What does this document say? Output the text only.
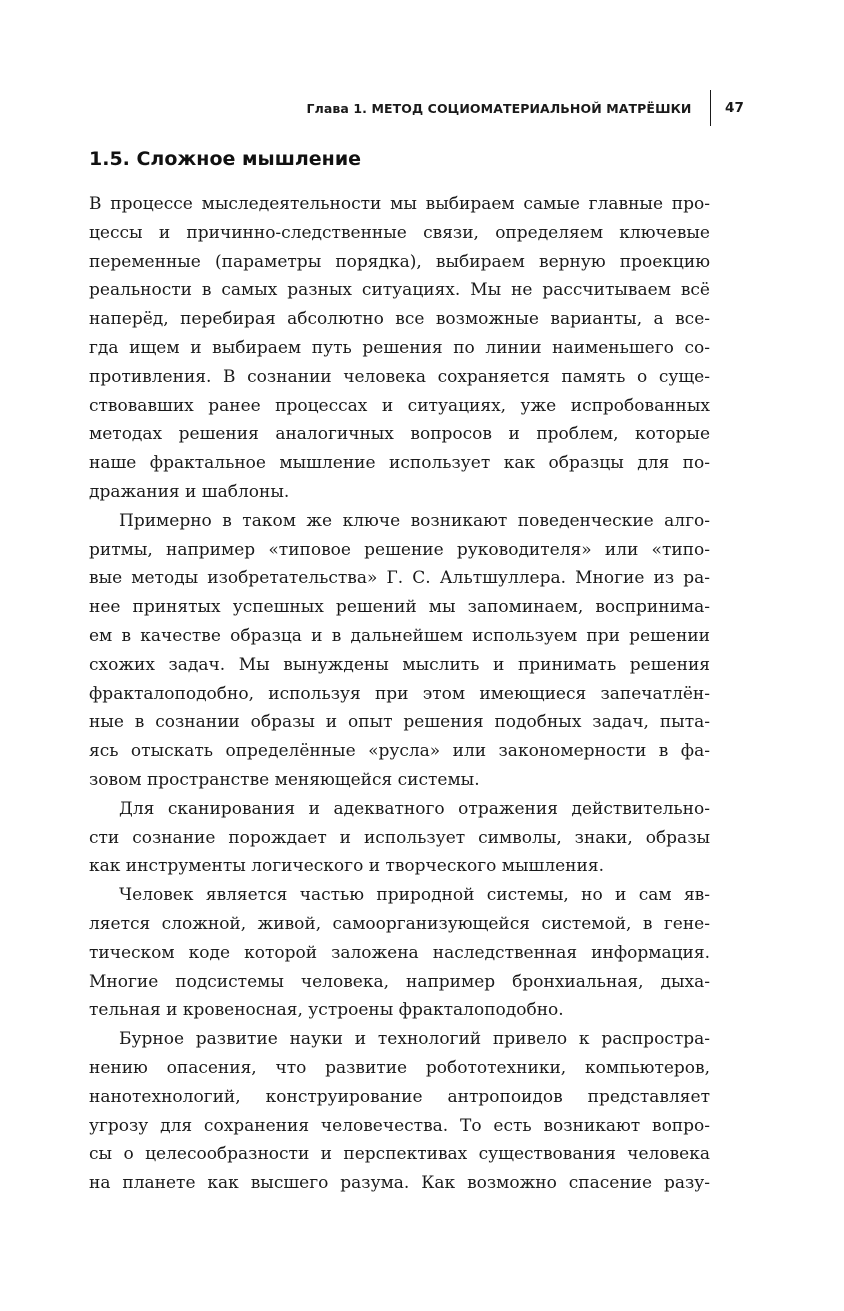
Глава 1. МЕТОД СОЦИОМАТЕРИАЛЬНОЙ МАТРЁШКИ 47
1.5. Сложное мышление
В процессе мыследеятельности мы выбираем самые главные про-
цессы и причинно-следственные связи, определяем ключевые
переменные (параметры порядка), выбираем верную проекцию
реальности в самых разных ситуациях. Мы не рассчитываем всё
наперёд, перебирая абсолютно все возможные варианты, а все-
гда ищем и выбираем путь решения по линии наименьшего со-
противления. В сознании человека сохраняется память о суще-
ствовавших ранее процессах и ситуациях, уже испробованных
методах решения аналогичных вопросов и проблем, которые
наше фрактальное мышление использует как образцы для по-
дражания и шаблоны.
Примерно в таком же ключе возникают поведенческие алго-
ритмы, например «типовое решение руководителя» или «типо-
вые методы изобретательства» Г. С. Альтшуллера. Многие из ра-
нее принятых успешных решений мы запоминаем, воспринима-
ем в качестве образца и в дальнейшем используем при решении
схожих задач. Мы вынуждены мыслить и принимать решения
фракталоподобно, используя при этом имеющиеся запечатлён-
ные в сознании образы и опыт решения подобных задач, пыта-
ясь отыскать определённые «русла» или закономерности в фа-
зовом пространстве меняющейся системы.
Для сканирования и адекватного отражения действительно-
сти сознание порождает и использует символы, знаки, образы
как инструменты логического и творческого мышления.
Человек является частью природной системы, но и сам яв-
ляется сложной, живой, самоорганизующейся системой, в гене-
тическом коде которой заложена наследственная информация.
Многие подсистемы человека, например бронхиальная, дыха-
тельная и кровеносная, устроены фракталоподобно.
Бурное развитие науки и технологий привело к распростра-
нению опасения, что развитие робототехники, компьютеров,
нанотехнологий, конструирование антропоидов представляет
угрозу для сохранения человечества. То есть возникают вопро-
сы о целесообразности и перспективах существования человека
на планете как высшего разума. Как возможно спасение разу-
